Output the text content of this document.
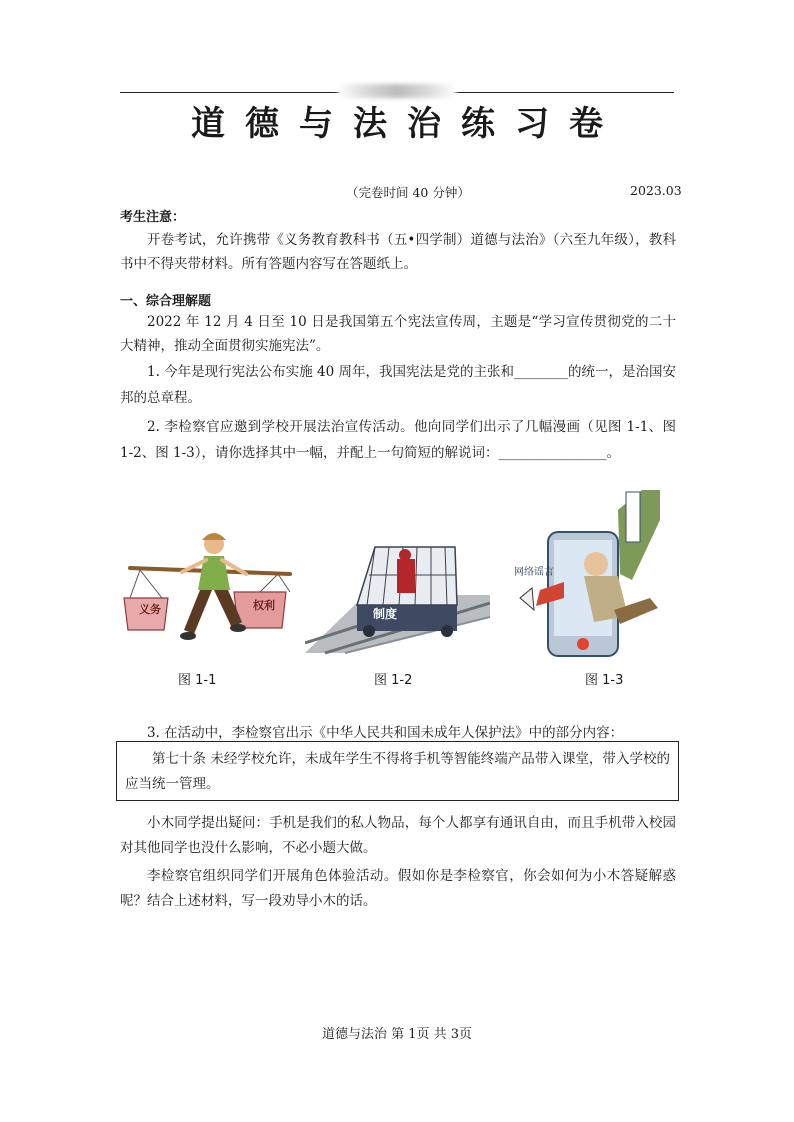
道德与法治练习卷
（完卷时间 40 分钟）	2023.03
考生注意：
开卷考试，允许携带《义务教育教科书（五•四学制）道德与法治》（六至九年级），教科书中不得夹带材料。所有答题内容写在答题纸上。
一、综合理解题
2022 年 12 月 4 日至 10 日是我国第五个宪法宣传周，主题是“学习宣传贯彻党的二十大精神，推动全面贯彻实施宪法”。
1. 今年是现行宪法公布实施 40 周年，我国宪法是党的主张和________的统一，是治国安邦的总章程。
2. 李检察官应邀到学校开展法治宣传活动。他向同学们出示了几幅漫画（见图 1-1、图 1-2、图 1-3），请你选择其中一幅，并配上一句简短的解说词：________________。
义务	权利
制度
网络谣言
图 1-1	图 1-2	图 1-3
3. 在活动中，李检察官出示《中华人民共和国未成年人保护法》中的部分内容：
第七十条 未经学校允许，未成年学生不得将手机等智能终端产品带入课堂，带入学校的应当统一管理。
小木同学提出疑问：手机是我们的私人物品，每个人都享有通讯自由，而且手机带入校园对其他同学也没什么影响，不必小题大做。
李检察官组织同学们开展角色体验活动。假如你是李检察官，你会如何为小木答疑解惑呢？结合上述材料，写一段劝导小木的话。
道德与法治 第 1页 共 3页
